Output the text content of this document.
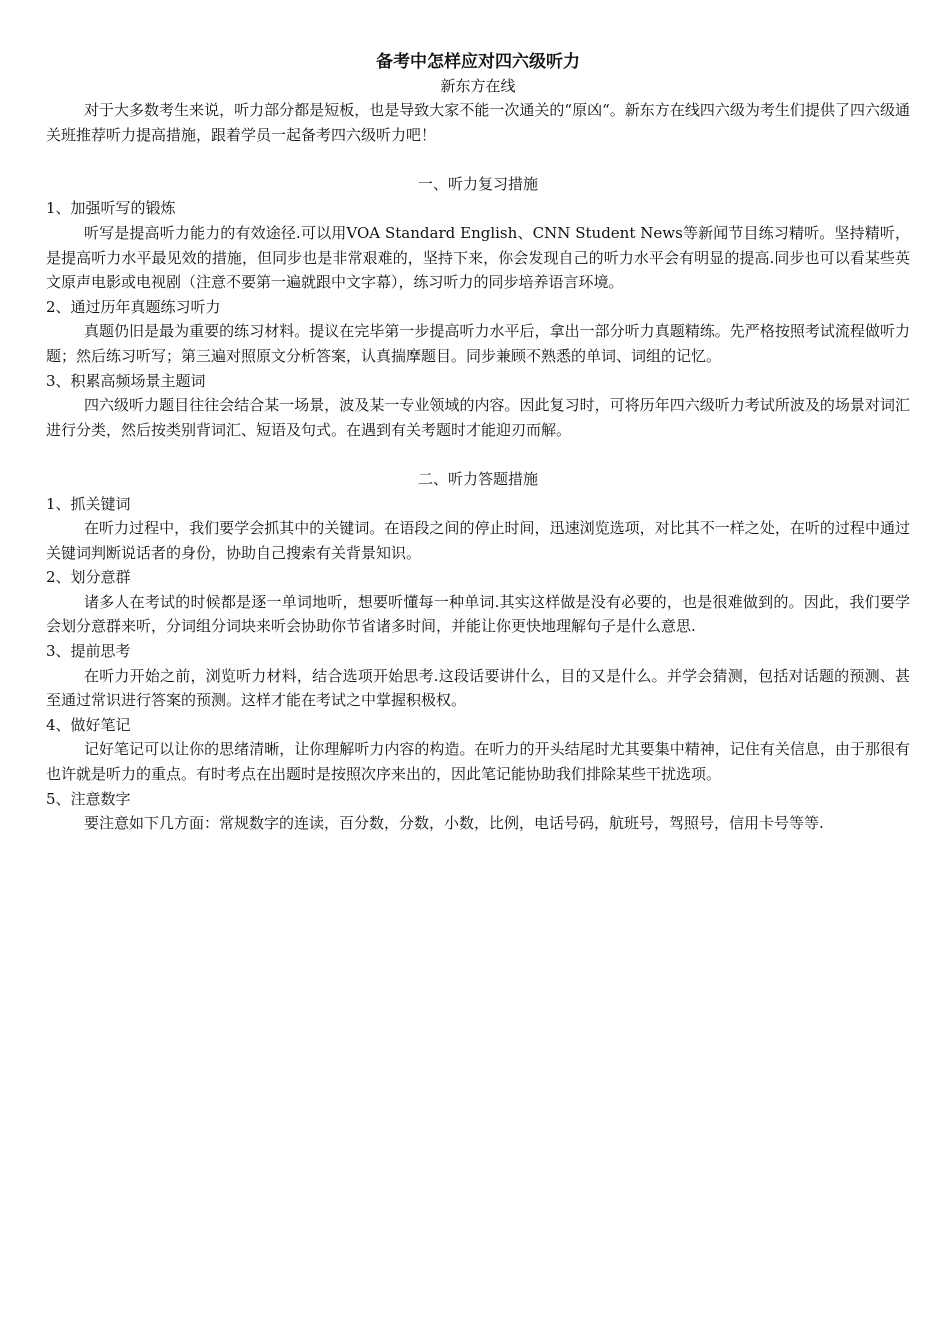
备考中怎样应对四六级听力
新东方在线

对于大多数考生来说，听力部分都是短板，也是导致大家不能一次通关的“原凶“。新东方在线四六级为考生们提供了四六级通关班推荐听力提高措施，跟着学员一起备考四六级听力吧！

一、听力复习措施
1、加强听写的锻炼

听写是提高听力能力的有效途径.可以用VOA Standard English、CNN Student News等新闻节目练习精听。坚持精听，是提高听力水平最见效的措施，但同步也是非常艰难的，坚持下来，你会发现自己的听力水平会有明显的提高.同步也可以看某些英文原声电影或电视剧（注意不要第一遍就跟中文字幕），练习听力的同步培养语言环境。

2、通过历年真题练习听力

真题仍旧是最为重要的练习材料。提议在完毕第一步提高听力水平后，拿出一部分听力真题精练。先严格按照考试流程做听力题；然后练习听写；第三遍对照原文分析答案，认真揣摩题目。同步兼顾不熟悉的单词、词组的记忆。

3、积累高频场景主题词

四六级听力题目往往会结合某一场景，波及某一专业领域的内容。因此复习时，可将历年四六级听力考试所波及的场景对词汇进行分类，然后按类别背词汇、短语及句式。在遇到有关考题时才能迎刃而解。

二、听力答题措施
1、抓关键词

在听力过程中，我们要学会抓其中的关键词。在语段之间的停止时间，迅速浏览选项，对比其不一样之处，在听的过程中通过关键词判断说话者的身份，协助自己搜索有关背景知识。

2、划分意群

诸多人在考试的时候都是逐一单词地听，想要听懂每一种单词.其实这样做是没有必要的，也是很难做到的。因此，我们要学会划分意群来听，分词组分词块来听会协助你节省诸多时间，并能让你更快地理解句子是什么意思.

3、提前思考

在听力开始之前，浏览听力材料，结合选项开始思考.这段话要讲什么，目的又是什么。并学会猜测，包括对话题的预测、甚至通过常识进行答案的预测。这样才能在考试之中掌握积极权。

4、做好笔记

记好笔记可以让你的思绪清晰，让你理解听力内容的构造。在听力的开头结尾时尤其要集中精神，记住有关信息，由于那很有也许就是听力的重点。有时考点在出题时是按照次序来出的，因此笔记能协助我们排除某些干扰选项。

5、注意数字

要注意如下几方面：常规数字的连读，百分数，分数，小数，比例，电话号码，航班号，驾照号，信用卡号等等.
